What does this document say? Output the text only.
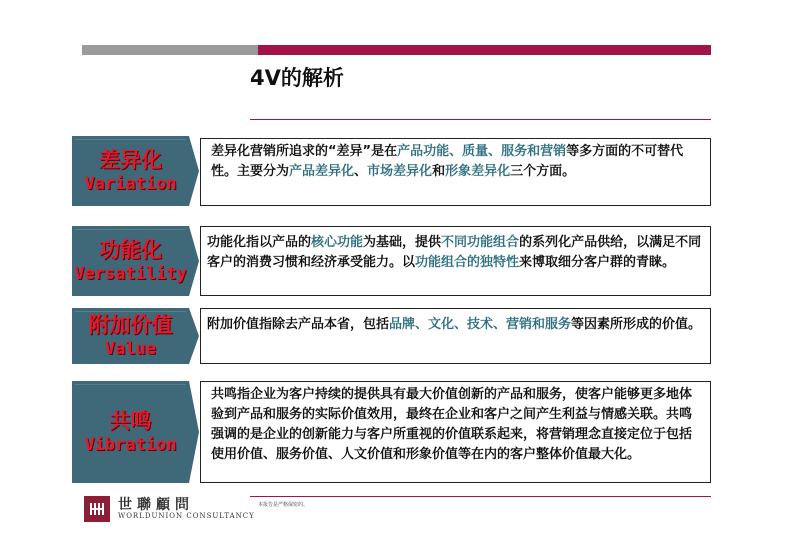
4V的解析
差异化
Variation
差异化营销所追求的“差异”是在产品功能、质量、服务和营销等多方面的不可替代性。主要分为产品差异化、市场差异化和形象差异化三个方面。
功能化
Versatility
功能化指以产品的核心功能为基础，提供不同功能组合的系列化产品供给，以满足不同客户的消费习惯和经济承受能力。以功能组合的独特性来博取细分客户群的青睐。
附加价值
Value
附加价值指除去产品本省，包括品牌、文化、技术、营销和服务等因素所形成的价值。
共鸣
Vibration
共鸣指企业为客户持续的提供具有最大价值创新的产品和服务，使客户能够更多地体验到产品和服务的实际价值效用，最终在企业和客户之间产生利益与情感关联。共鸣强调的是企业的创新能力与客户所重视的价值联系起来，将营销理念直接定位于包括使用价值、服务价值、人文价值和形象价值等在内的客户整体价值最大化。
世聯顧問
WORLDUNION CONSULTANCY
本报告是严格保密的。
